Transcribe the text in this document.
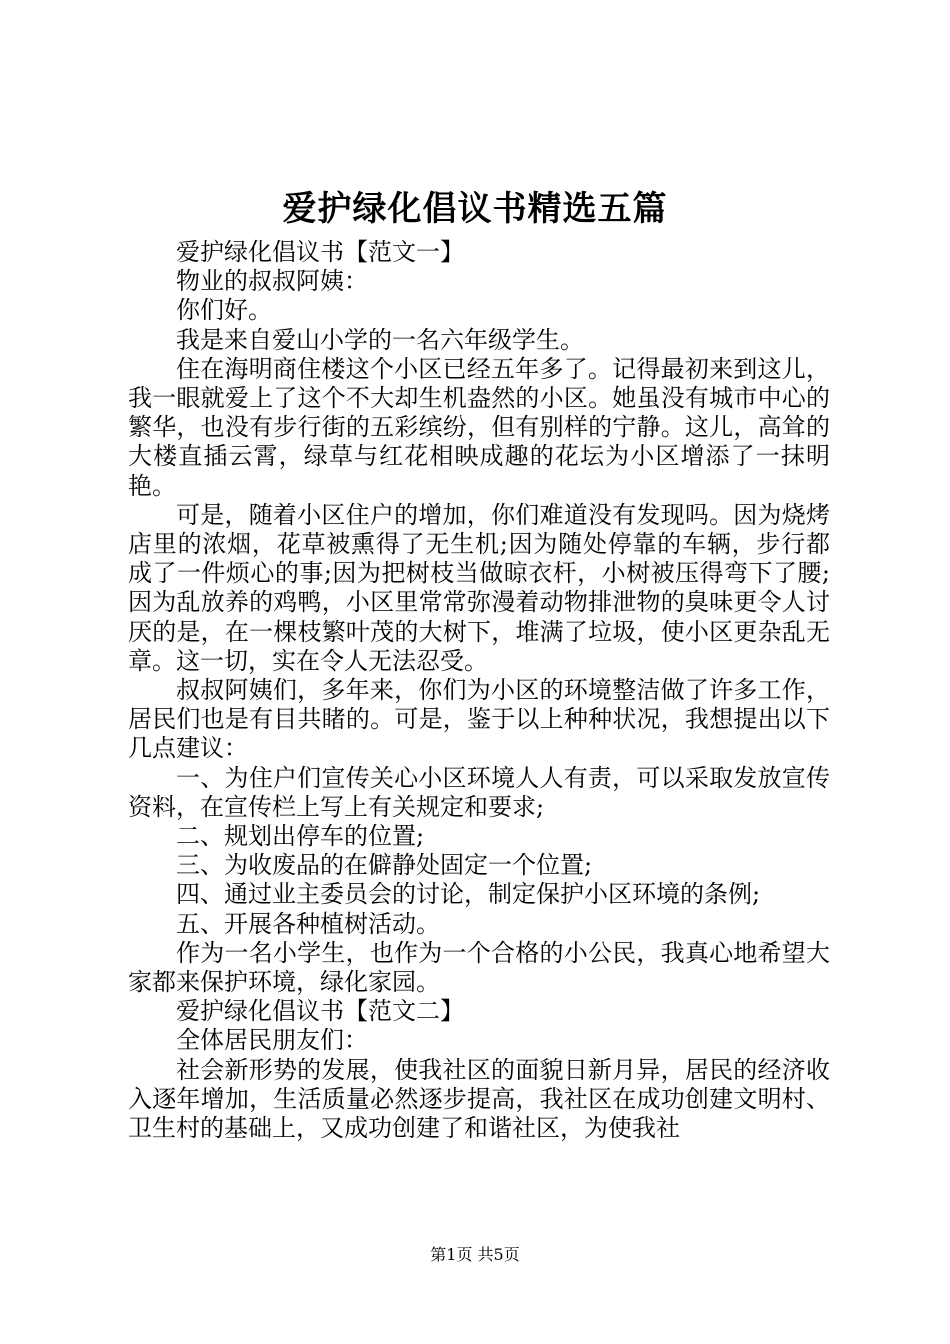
爱护绿化倡议书精选五篇

爱护绿化倡议书【范文一】

物业的叔叔阿姨：

你们好。

我是来自爱山小学的一名六年级学生。

住在海明商住楼这个小区已经五年多了。记得最初来到这儿，我一眼就爱上了这个不大却生机盎然的小区。她虽没有城市中心的繁华，也没有步行街的五彩缤纷，但有别样的宁静。这儿，高耸的大楼直插云霄，绿草与红花相映成趣的花坛为小区增添了一抹明艳。

可是，随着小区住户的增加，你们难道没有发现吗。因为烧烤店里的浓烟，花草被熏得了无生机;因为随处停靠的车辆，步行都成了一件烦心的事;因为把树枝当做晾衣杆，小树被压得弯下了腰;因为乱放养的鸡鸭，小区里常常弥漫着动物排泄物的臭味更令人讨厌的是，在一棵枝繁叶茂的大树下，堆满了垃圾，使小区更杂乱无章。这一切，实在令人无法忍受。

叔叔阿姨们，多年来，你们为小区的环境整洁做了许多工作，居民们也是有目共睹的。可是，鉴于以上种种状况，我想提出以下几点建议：

一、为住户们宣传关心小区环境人人有责，可以采取发放宣传资料，在宣传栏上写上有关规定和要求;

二、规划出停车的位置;

三、为收废品的在僻静处固定一个位置;

四、通过业主委员会的讨论，制定保护小区环境的条例;

五、开展各种植树活动。

作为一名小学生，也作为一个合格的小公民，我真心地希望大家都来保护环境，绿化家园。

爱护绿化倡议书【范文二】

全体居民朋友们：

社会新形势的发展，使我社区的面貌日新月异，居民的经济收入逐年增加，生活质量必然逐步提高，我社区在成功创建文明村、卫生村的基础上，又成功创建了和谐社区，为使我社

第1页 共5页
